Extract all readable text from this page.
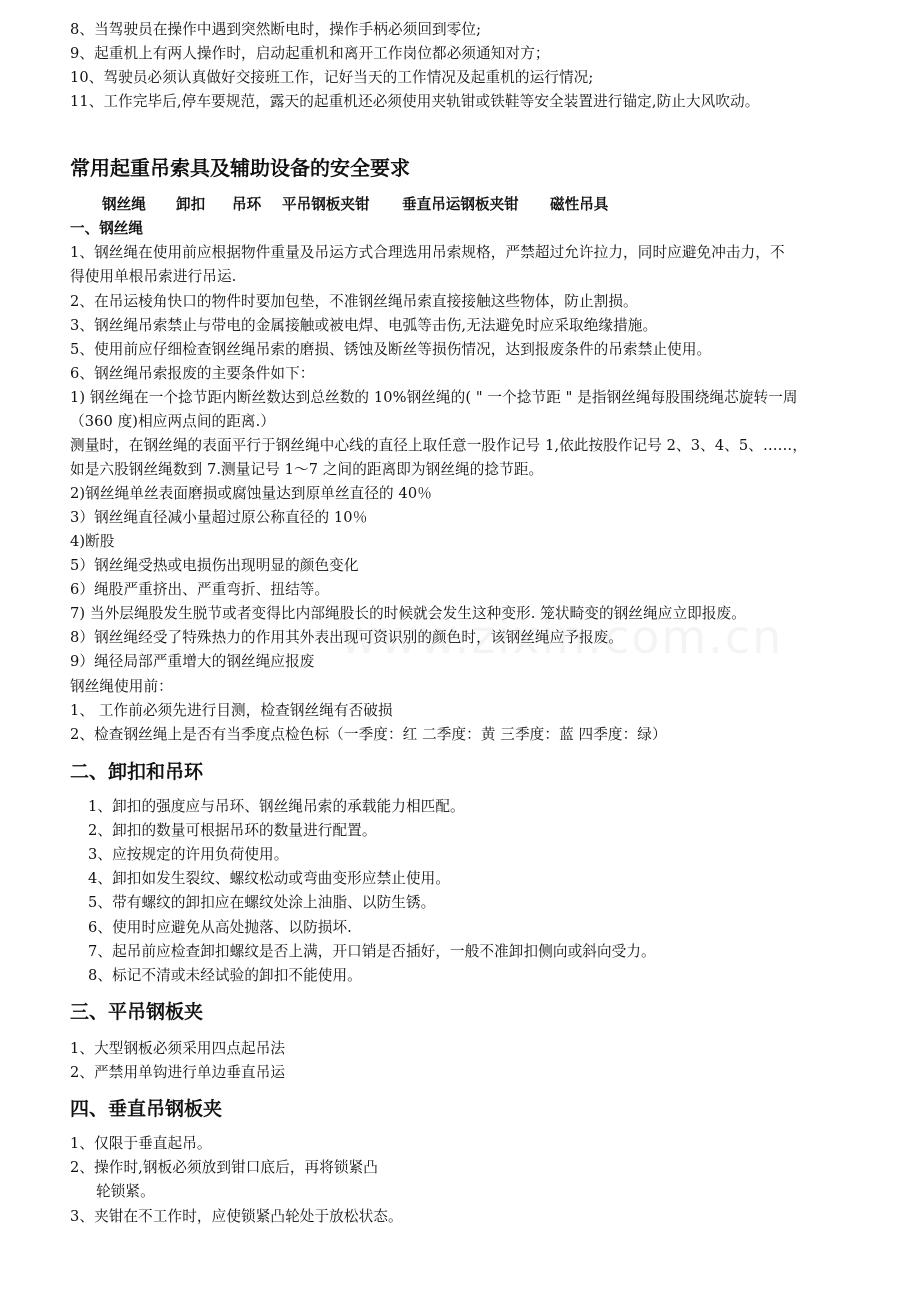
8、当驾驶员在操作中遇到突然断电时，操作手柄必须回到零位;
9、起重机上有两人操作时，启动起重机和离开工作岗位都必须通知对方；
10、驾驶员必须认真做好交接班工作，记好当天的工作情况及起重机的运行情况;
11、工作完毕后,停车要规范，露天的起重机还必须使用夹轨钳或铁鞋等安全装置进行锚定,防止大风吹动。
常用起重吊索具及辅助设备的安全要求
钢丝绳 卸扣 吊环 平吊钢板夹钳 垂直吊运钢板夹钳 磁性吊具
一、钢丝绳
1、钢丝绳在使用前应根据物件重量及吊运方式合理选用吊索规格，严禁超过允许拉力，同时应避免冲击力，不
得使用单根吊索进行吊运.
2、在吊运棱角快口的物件时要加包垫，不准钢丝绳吊索直接接触这些物体，防止割损。
3、钢丝绳吊索禁止与带电的金属接触或被电焊、电弧等击伤,无法避免时应采取绝缘措施。
5、使用前应仔细检查钢丝绳吊索的磨损、锈蚀及断丝等损伤情况，达到报废条件的吊索禁止使用。
6、钢丝绳吊索报废的主要条件如下：
1) 钢丝绳在一个捻节距内断丝数达到总丝数的 10%钢丝绳的( " 一个捻节距 " 是指钢丝绳每股围绕绳芯旋转一周
（360 度)相应两点间的距离.）
测量时，在钢丝绳的表面平行于钢丝绳中心线的直径上取任意一股作记号 1,依此按股作记号 2、3、4、5、……，
如是六股钢丝绳数到 7.测量记号 1～7 之间的距离即为钢丝绳的捻节距。
2)钢丝绳单丝表面磨损或腐蚀量达到原单丝直径的 40％
3）钢丝绳直径减小量超过原公称直径的 10％
4)断股
5）钢丝绳受热或电损伤出现明显的颜色变化
6）绳股严重挤出、严重弯折、扭结等。
7) 当外层绳股发生脱节或者变得比内部绳股长的时候就会发生这种变形. 笼状畸变的钢丝绳应立即报废。
8）钢丝绳经受了特殊热力的作用其外表出现可资识别的颜色时，该钢丝绳应予报废。
9）绳径局部严重增大的钢丝绳应报废
钢丝绳使用前：
1、 工作前必须先进行目测，检查钢丝绳有否破损
2、检查钢丝绳上是否有当季度点检色标（一季度：红 二季度：黄 三季度：蓝 四季度：绿）
二、卸扣和吊环
1、卸扣的强度应与吊环、钢丝绳吊索的承载能力相匹配。
2、卸扣的数量可根据吊环的数量进行配置。
3、应按规定的许用负荷使用。
4、卸扣如发生裂纹、螺纹松动或弯曲变形应禁止使用。
5、带有螺纹的卸扣应在螺纹处涂上油脂、以防生锈。
6、使用时应避免从高处抛落、以防损坏.
7、起吊前应检查卸扣螺纹是否上满，开口销是否插好，一般不准卸扣侧向或斜向受力。
8、标记不清或未经试验的卸扣不能使用。
三、平吊钢板夹
1、大型钢板必须采用四点起吊法
2、严禁用单钩进行单边垂直吊运
四、垂直吊钢板夹
1、仅限于垂直起吊。
2、操作时,钢板必须放到钳口底后，再将锁紧凸
轮锁紧。
3、夹钳在不工作时，应使锁紧凸轮处于放松状态。
